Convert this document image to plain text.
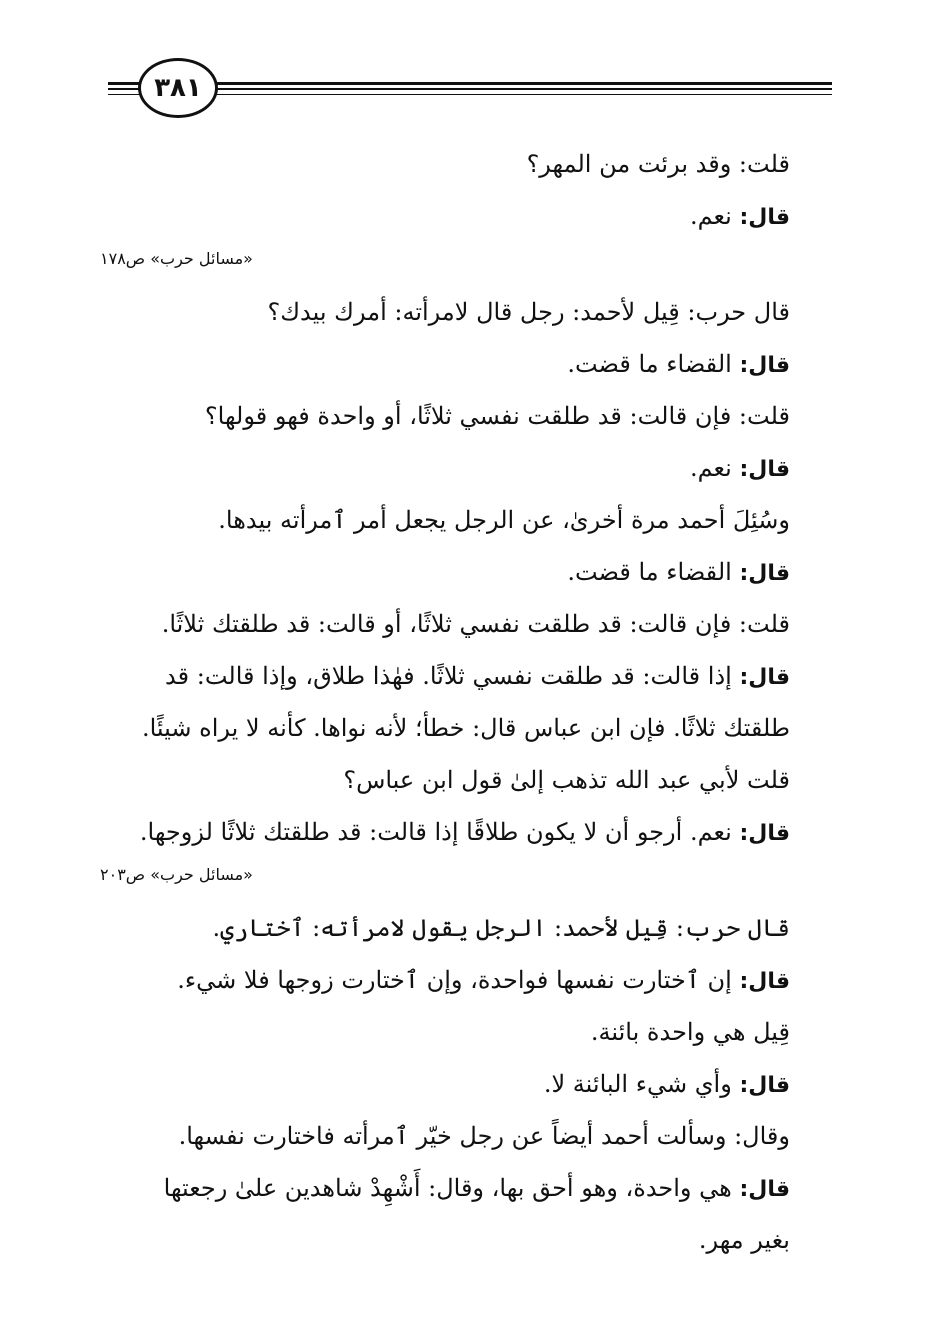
٣٨١
قلت: وقد برئت من المهر؟
قال: نعم.
«مسائل حرب» ص١٧٨
قال حرب: قِيل لأحمد: رجل قال لامرأته: أمرك بيدك؟
قال: القضاء ما قضت.
قلت: فإن قالت: قد طلقت نفسي ثلاثًا، أو واحدة فهو قولها؟
قال: نعم.
وسُئِلَ أحمد مرة أخرىٰ، عن الرجل يجعل أمر ٱمرأته بيدها.
قال: القضاء ما قضت.
قلت: فإن قالت: قد طلقت نفسي ثلاثًا، أو قالت: قد طلقتك ثلاثًا.
قال: إذا قالت: قد طلقت نفسي ثلاثًا. فهٰذا طلاق، وإذا قالت: قد
طلقتك ثلاثًا. فإن ابن عباس قال: خطأ؛ لأنه نواها. كأنه لا يراه شيئًا.
قلت لأبي عبد الله تذهب إلىٰ قول ابن عباس؟
قال: نعم. أرجو أن لا يكون طلاقًا إذا قالت: قد طلقتك ثلاثًا لزوجها.
«مسائل حرب» ص٢٠٣
قال حرب: قِيل لأحمد: الرجل يقول لامرأته: ٱختاري.
قال: إن ٱختارت نفسها فواحدة، وإن ٱختارت زوجها فلا شيء.
قِيل هي واحدة بائنة.
قال: وأي شيء البائنة لا.
وقال: وسألت أحمد أيضاً عن رجل خيّر ٱمرأته فاختارت نفسها.
قال: هي واحدة، وهو أحق بها، وقال: أَشْهِدْ شاهدين علىٰ رجعتها
بغير مهر.
